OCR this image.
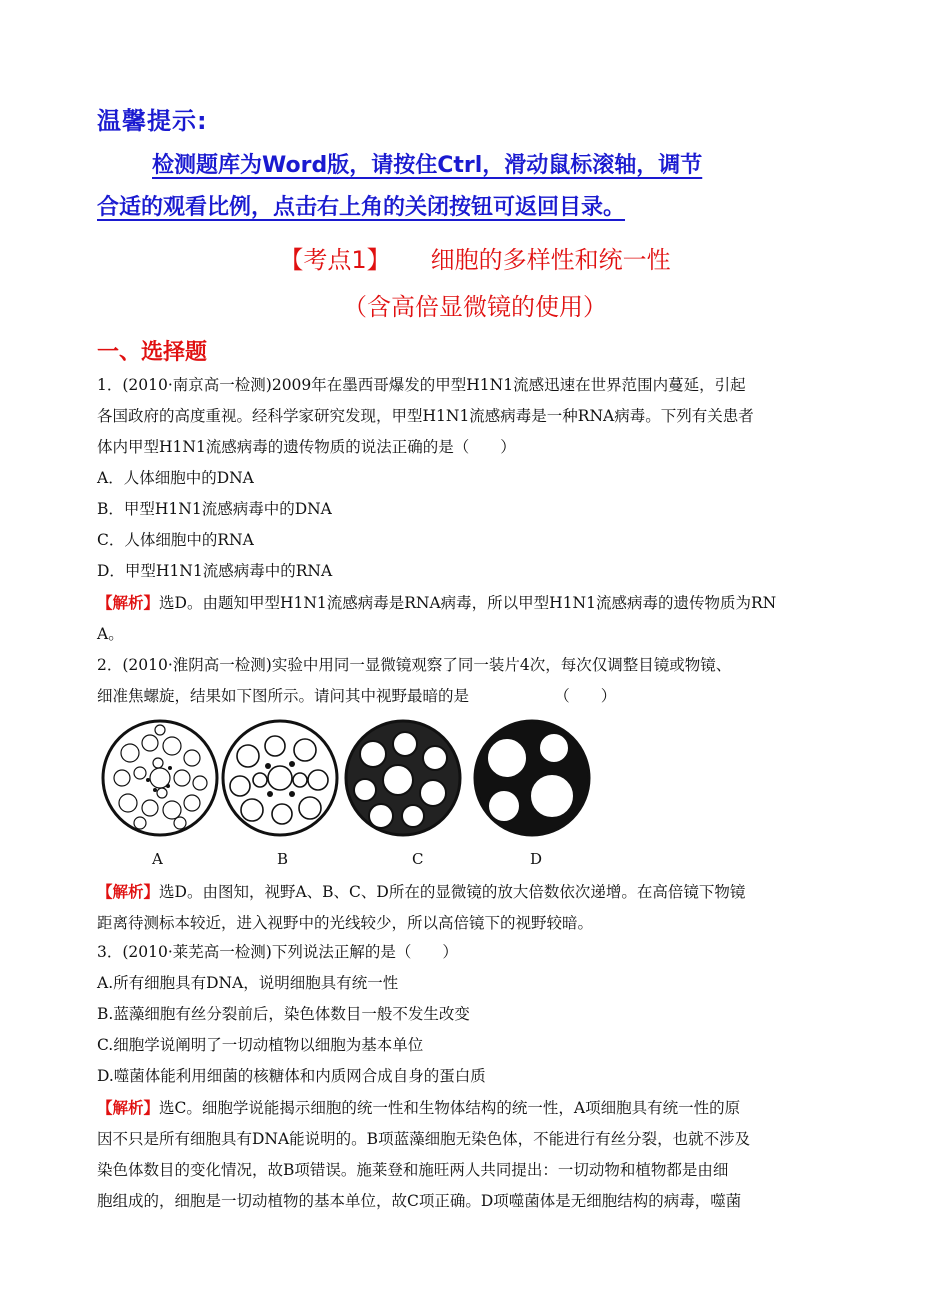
温馨提示:
检测题库为Word版，请按住Ctrl，滑动鼠标滚轴，调节
合适的观看比例，点击右上角的关闭按钮可返回目录。
【考点1】 细胞的多样性和统一性
（含高倍显微镜的使用）
一、选择题
1．(2010·南京高一检测)2009年在墨西哥爆发的甲型H1N1流感迅速在世界范围内蔓延，引起
各国政府的高度重视。经科学家研究发现，甲型H1N1流感病毒是一种RNA病毒。下列有关患者
体内甲型H1N1流感病毒的遗传物质的说法正确的是（　　）
A．人体细胞中的DNA
B．甲型H1N1流感病毒中的DNA
C．人体细胞中的RNA
D．甲型H1N1流感病毒中的RNA
【解析】选D。由题知甲型H1N1流感病毒是RNA病毒，所以甲型H1N1流感病毒的遗传物质为RN
A。
2．(2010·淮阴高一检测)实验中用同一显微镜观察了同一装片4次，每次仅调整目镜或物镜、
细准焦螺旋，结果如下图所示。请问其中视野最暗的是　　　　　　（　　）
A	B	C	D
【解析】选D。由图知，视野A、B、C、D所在的显微镜的放大倍数依次递增。在高倍镜下物镜
距离待测标本较近，进入视野中的光线较少，所以高倍镜下的视野较暗。
3．(2010·莱芜高一检测)下列说法正解的是（　　）
A.所有细胞具有DNA，说明细胞具有统一性
B.蓝藻细胞有丝分裂前后，染色体数目一般不发生改变
C.细胞学说阐明了一切动植物以细胞为基本单位
D.噬菌体能利用细菌的核糖体和内质网合成自身的蛋白质
【解析】选C。细胞学说能揭示细胞的统一性和生物体结构的统一性，A项细胞具有统一性的原
因不只是所有细胞具有DNA能说明的。B项蓝藻细胞无染色体，不能进行有丝分裂，也就不涉及
染色体数目的变化情况，故B项错误。施莱登和施旺两人共同提出：一切动物和植物都是由细
胞组成的，细胞是一切动植物的基本单位，故C项正确。D项噬菌体是无细胞结构的病毒，噬菌
